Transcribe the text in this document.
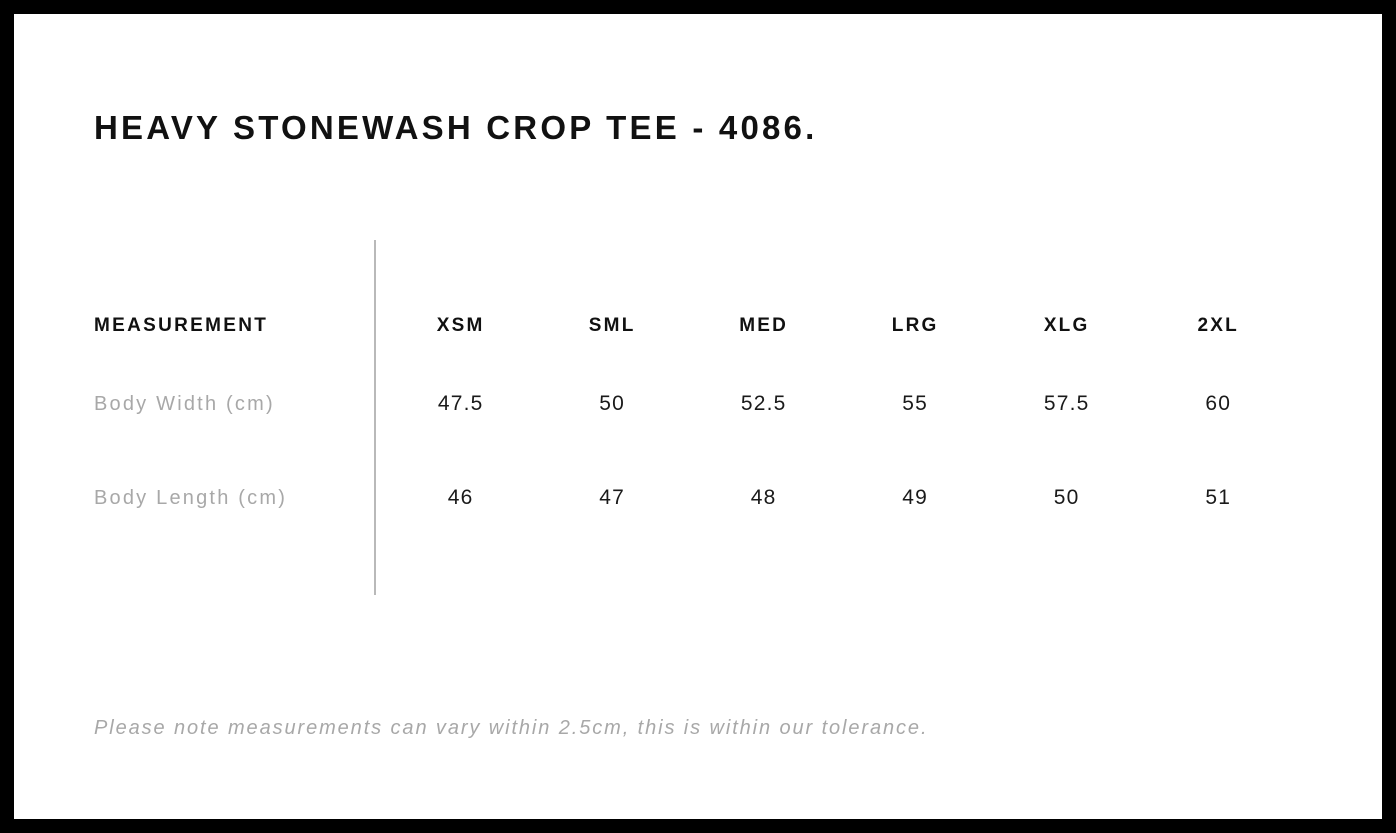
HEAVY STONEWASH CROP TEE - 4086.
MEASUREMENT	XSM	SML	MED	LRG	XLG	2XL
Body Width (cm)	47.5	50	52.5	55	57.5	60
Body Length (cm)	46	47	48	49	50	51
Please note measurements can vary within 2.5cm, this is within our tolerance.
